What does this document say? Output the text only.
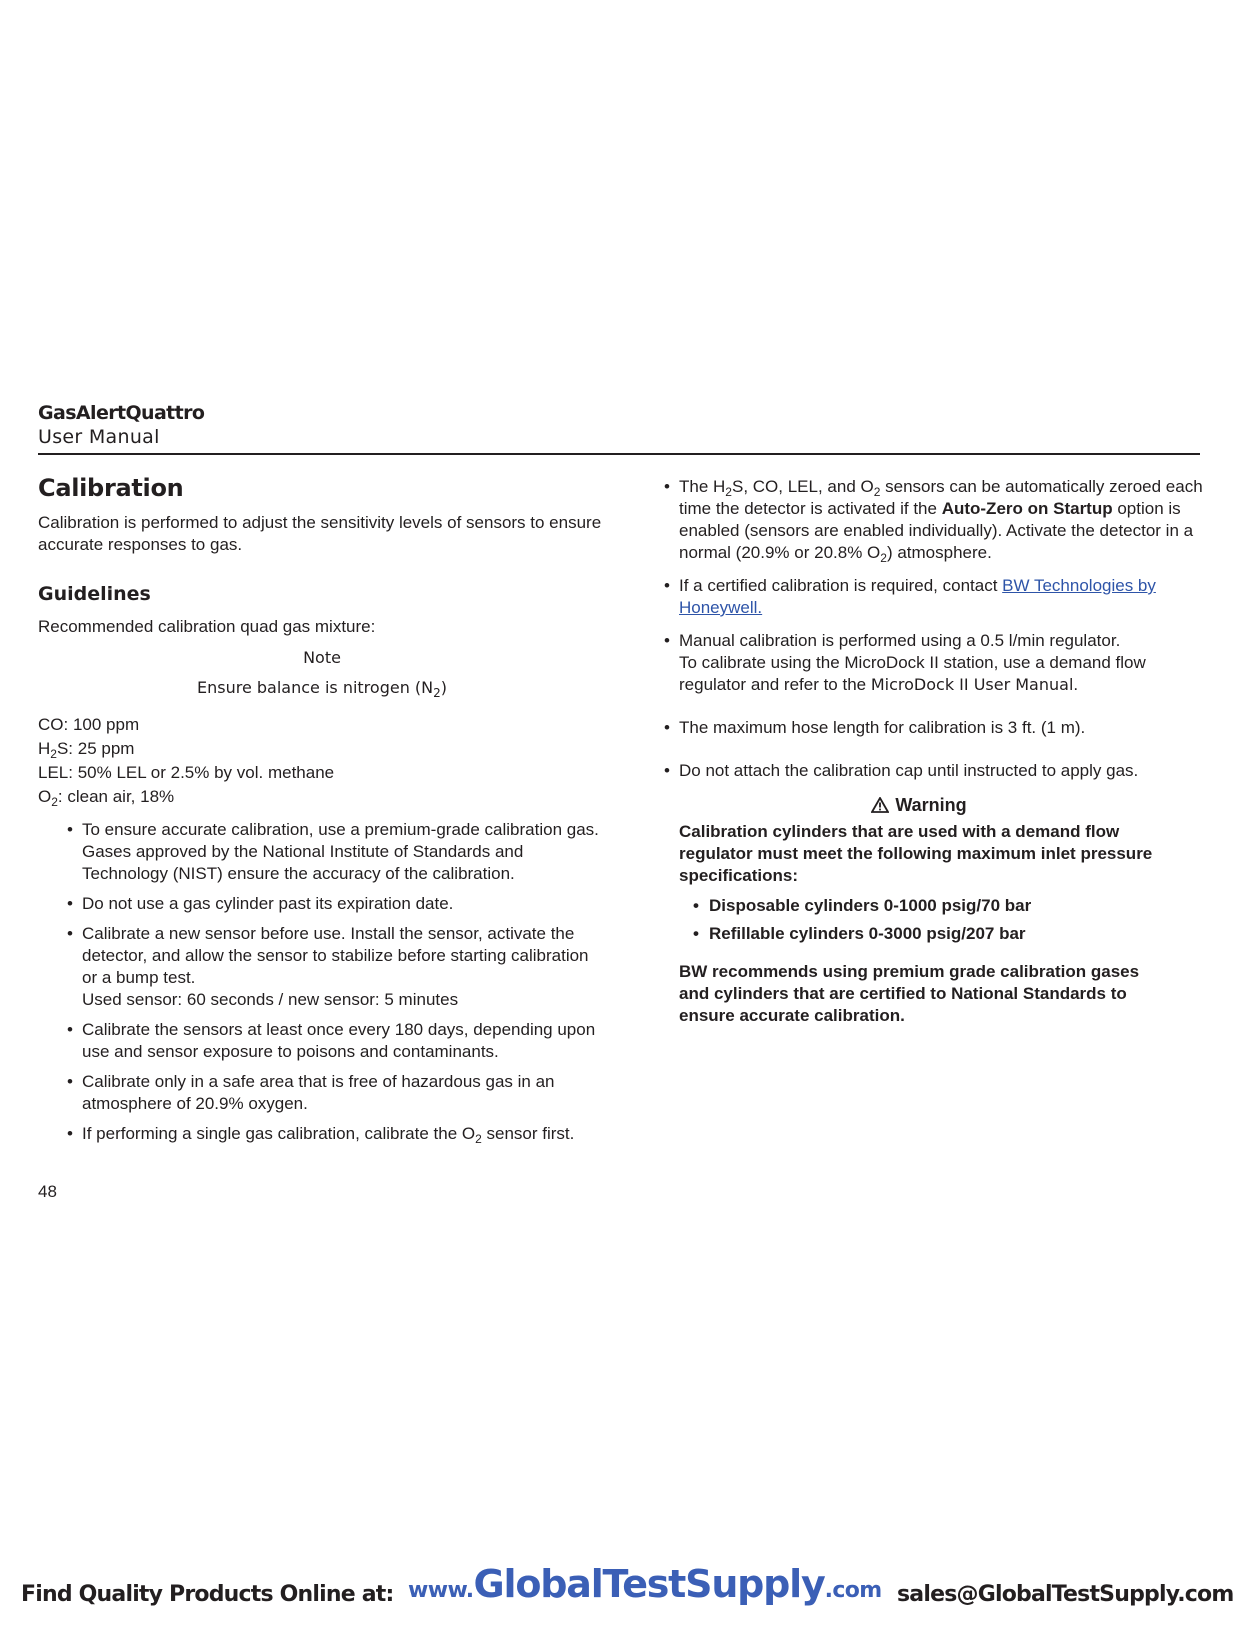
GasAlertQuattro
User Manual
Calibration

Calibration is performed to adjust the sensitivity levels of sensors to ensure accurate responses to gas.

Guidelines

Recommended calibration quad gas mixture:

Note
Ensure balance is nitrogen $(N_2)$
CO: 100 ppm
$H_2S$: 25 ppm
LEL: 50% LEL or 2.5% by vol. methane
$O_2$: clean air, 18%
• To ensure accurate calibration, use a premium-grade calibration gas. Gases approved by the National Institute of Standards and Technology (NIST) ensure the accuracy of the calibration.
• Do not use a gas cylinder past its expiration date.
• Calibrate a new sensor before use. Install the sensor, activate the detector, and allow the sensor to stabilize before starting calibration or a bump test.
Used sensor: 60 seconds / new sensor: 5 minutes
• Calibrate the sensors at least once every 180 days, depending upon use and sensor exposure to poisons and contaminants.
• Calibrate only in a safe area that is free of hazardous gas in an atmosphere of 20.9% oxygen.
• If performing a single gas calibration, calibrate the $O_2$ sensor first.
• The $H_2S$, CO, LEL, and $O_2$ sensors can be automatically zeroed each time the detector is activated if the Auto-Zero on Startup option is enabled (sensors are enabled individually). Activate the detector in a normal (20.9% or 20.8% $O_2$) atmosphere.
• If a certified calibration is required, contact BW Technologies by Honeywell.
• Manual calibration is performed using a 0.5 l/min regulator.
To calibrate using the MicroDock II station, use a demand flow regulator and refer to the MicroDock II User Manual.
• The maximum hose length for calibration is 3 ft. (1 m).
• Do not attach the calibration cap until instructed to apply gas.
Warning

Calibration cylinders that are used with a demand flow regulator must meet the following maximum inlet pressure specifications:

• Disposable cylinders 0-1000 psig/70 bar
• Refillable cylinders 0-3000 psig/207 bar

BW recommends using premium grade calibration gases and cylinders that are certified to National Standards to ensure accurate calibration.

48
Find Quality Products Online at: www.GlobalTestSupply.com sales@GlobalTestSupply.com
